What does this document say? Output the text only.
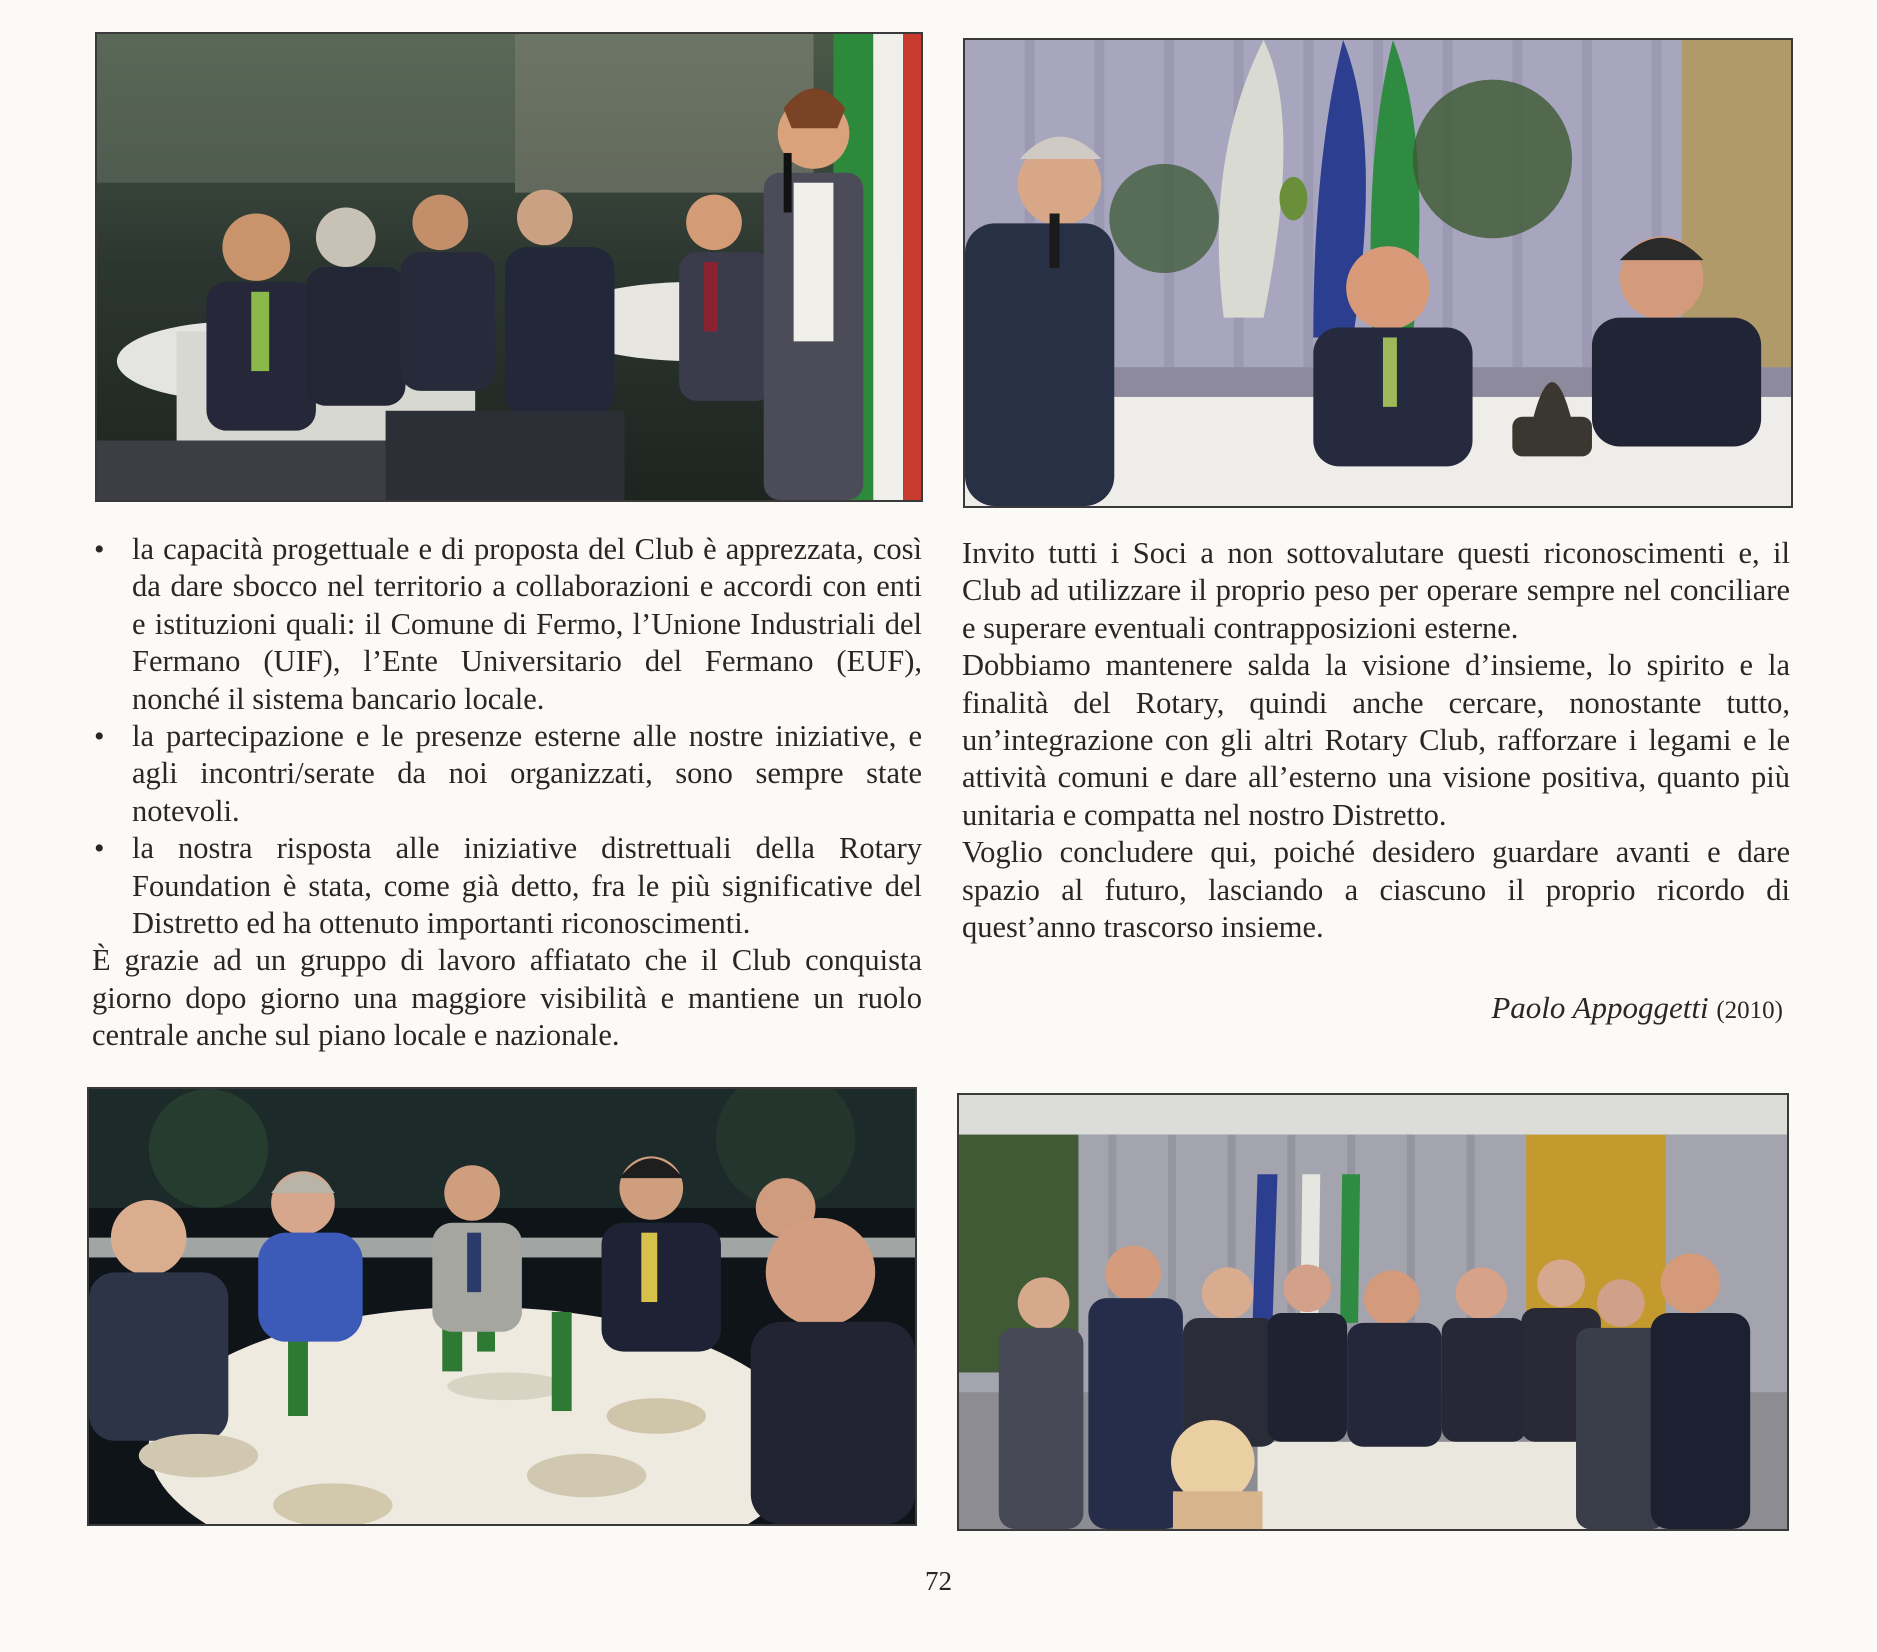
• la capacità progettuale e di proposta del Club è apprezzata, così da dare sbocco nel territorio a collaborazioni e accordi con enti e istituzioni quali: il Comune di Fermo, l’Unione Industriali del Fermano (UIF), l’Ente Universitario del Fermano (EUF), nonché il sistema bancario locale.
• la partecipazione e le presenze esterne alle nostre iniziative, e agli incontri/serate da noi organizzati, sono sempre state notevoli.
• la nostra risposta alle iniziative distrettuali della Rotary Foundation è stata, come già detto, fra le più significative del Distretto ed ha ottenuto importanti riconoscimenti.

È grazie ad un gruppo di lavoro affiatato che il Club conquista giorno dopo giorno una maggiore visibilità e mantiene un ruolo centrale anche sul piano locale e nazionale.

Invito tutti i Soci a non sottovalutare questi riconoscimenti e, il Club ad utilizzare il proprio peso per operare sempre nel conciliare e superare eventuali contrapposizioni esterne.

Dobbiamo mantenere salda la visione d’insieme, lo spirito e la finalità del Rotary, quindi anche cercare, nonostante tutto, un’integrazione con gli altri Rotary Club, rafforzare i legami e le attività comuni e dare all’esterno una visione positiva, quanto più unitaria e compatta nel nostro Distretto.

Voglio concludere qui, poiché desidero guardare avanti e dare spazio al futuro, lasciando a ciascuno il proprio ricordo di quest’anno trascorso insieme.

Paolo Appoggetti (2010)
72
